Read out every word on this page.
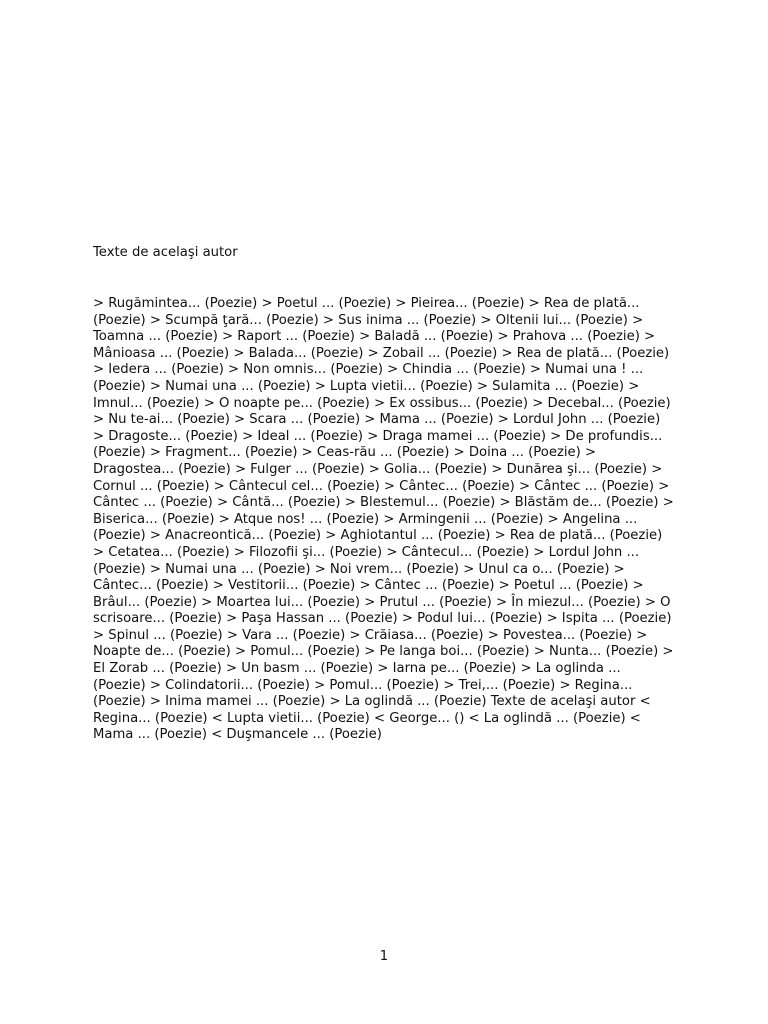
Texte de acelaşi autor

> Rugămintea... (Poezie) > Poetul ... (Poezie) > Pieirea... (Poezie) > Rea de plată... (Poezie) > Scumpă ţară... (Poezie) > Sus inima ... (Poezie) > Oltenii lui... (Poezie) > Toamna ... (Poezie) > Raport ... (Poezie) > Baladă ... (Poezie) > Prahova ... (Poezie) > Mânioasa ... (Poezie) > Balada... (Poezie) > Zobail ... (Poezie) > Rea de plată... (Poezie) > Iedera ... (Poezie) > Non omnis... (Poezie) > Chindia ... (Poezie) > Numai una ! ... (Poezie) > Numai una ... (Poezie) > Lupta vietii... (Poezie) > Sulamita ... (Poezie) > Imnul... (Poezie) > O noapte pe... (Poezie) > Ex ossibus... (Poezie) > Decebal... (Poezie) > Nu te-ai... (Poezie) > Scara ... (Poezie) > Mama ... (Poezie) > Lordul John ... (Poezie) > Dragoste... (Poezie) > Ideal ... (Poezie) > Draga mamei ... (Poezie) > De profundis... (Poezie) > Fragment... (Poezie) > Ceas-rău ... (Poezie) > Doina ... (Poezie) > Dragostea... (Poezie) > Fulger ... (Poezie) > Golia... (Poezie) > Dunărea şi... (Poezie) > Cornul ... (Poezie) > Cântecul cel... (Poezie) > Cântec... (Poezie) > Cântec ... (Poezie) > Cântec ... (Poezie) > Cântă... (Poezie) > Blestemul... (Poezie) > Blăstăm de... (Poezie) > Biserica... (Poezie) > Atque nos! ... (Poezie) > Armingenii ... (Poezie) > Angelina ... (Poezie) > Anacreontică... (Poezie) > Aghiotantul ... (Poezie) > Rea de plată... (Poezie) > Cetatea... (Poezie) > Filozofii şi... (Poezie) > Cântecul... (Poezie) > Lordul John ... (Poezie) > Numai una ... (Poezie) > Noi vrem... (Poezie) > Unul ca o... (Poezie) > Cântec... (Poezie) > Vestitorii... (Poezie) > Cântec ... (Poezie) > Poetul ... (Poezie) > Brâul... (Poezie) > Moartea lui... (Poezie) > Prutul ... (Poezie) > În miezul... (Poezie) > O scrisoare... (Poezie) > Paşa Hassan ... (Poezie) > Podul lui... (Poezie) > Ispita ... (Poezie) > Spinul ... (Poezie) > Vara ... (Poezie) > Crăiasa... (Poezie) > Povestea... (Poezie) > Noapte de... (Poezie) > Pomul... (Poezie) > Pe langa boi... (Poezie) > Nunta... (Poezie) > El Zorab ... (Poezie) > Un basm ... (Poezie) > Iarna pe... (Poezie) > La oglinda ... (Poezie) > Colindatorii... (Poezie) > Pomul... (Poezie) > Trei,... (Poezie) > Regina... (Poezie) > Inima mamei ... (Poezie) > La oglindă ... (Poezie) Texte de acelaşi autor < Regina... (Poezie) < Lupta vietii... (Poezie) < George... () < La oglindă ... (Poezie) < Mama ... (Poezie) < Duşmancele ... (Poezie)

1
